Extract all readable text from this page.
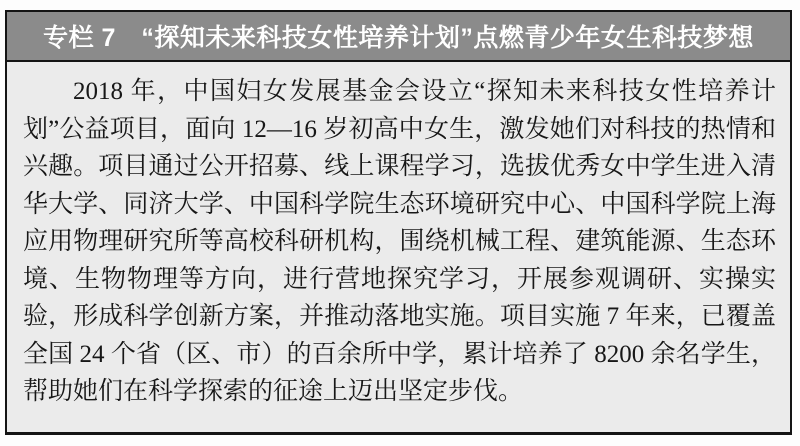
专栏 7　“探知未来科技女性培养计划”点燃青少年女生科技梦想

2018 年，中国妇女发展基金会设立“探知未来科技女性培养计划”公益项目，面向 12—16 岁初高中女生，激发她们对科技的热情和兴趣。项目通过公开招募、线上课程学习，选拔优秀女中学生进入清华大学、同济大学、中国科学院生态环境研究中心、中国科学院上海应用物理研究所等高校科研机构，围绕机械工程、建筑能源、生态环境、生物物理等方向，进行营地探究学习，开展参观调研、实操实验，形成科学创新方案，并推动落地实施。项目实施 7 年来，已覆盖全国 24 个省（区、市）的百余所中学，累计培养了 8200 余名学生，帮助她们在科学探索的征途上迈出坚定步伐。
